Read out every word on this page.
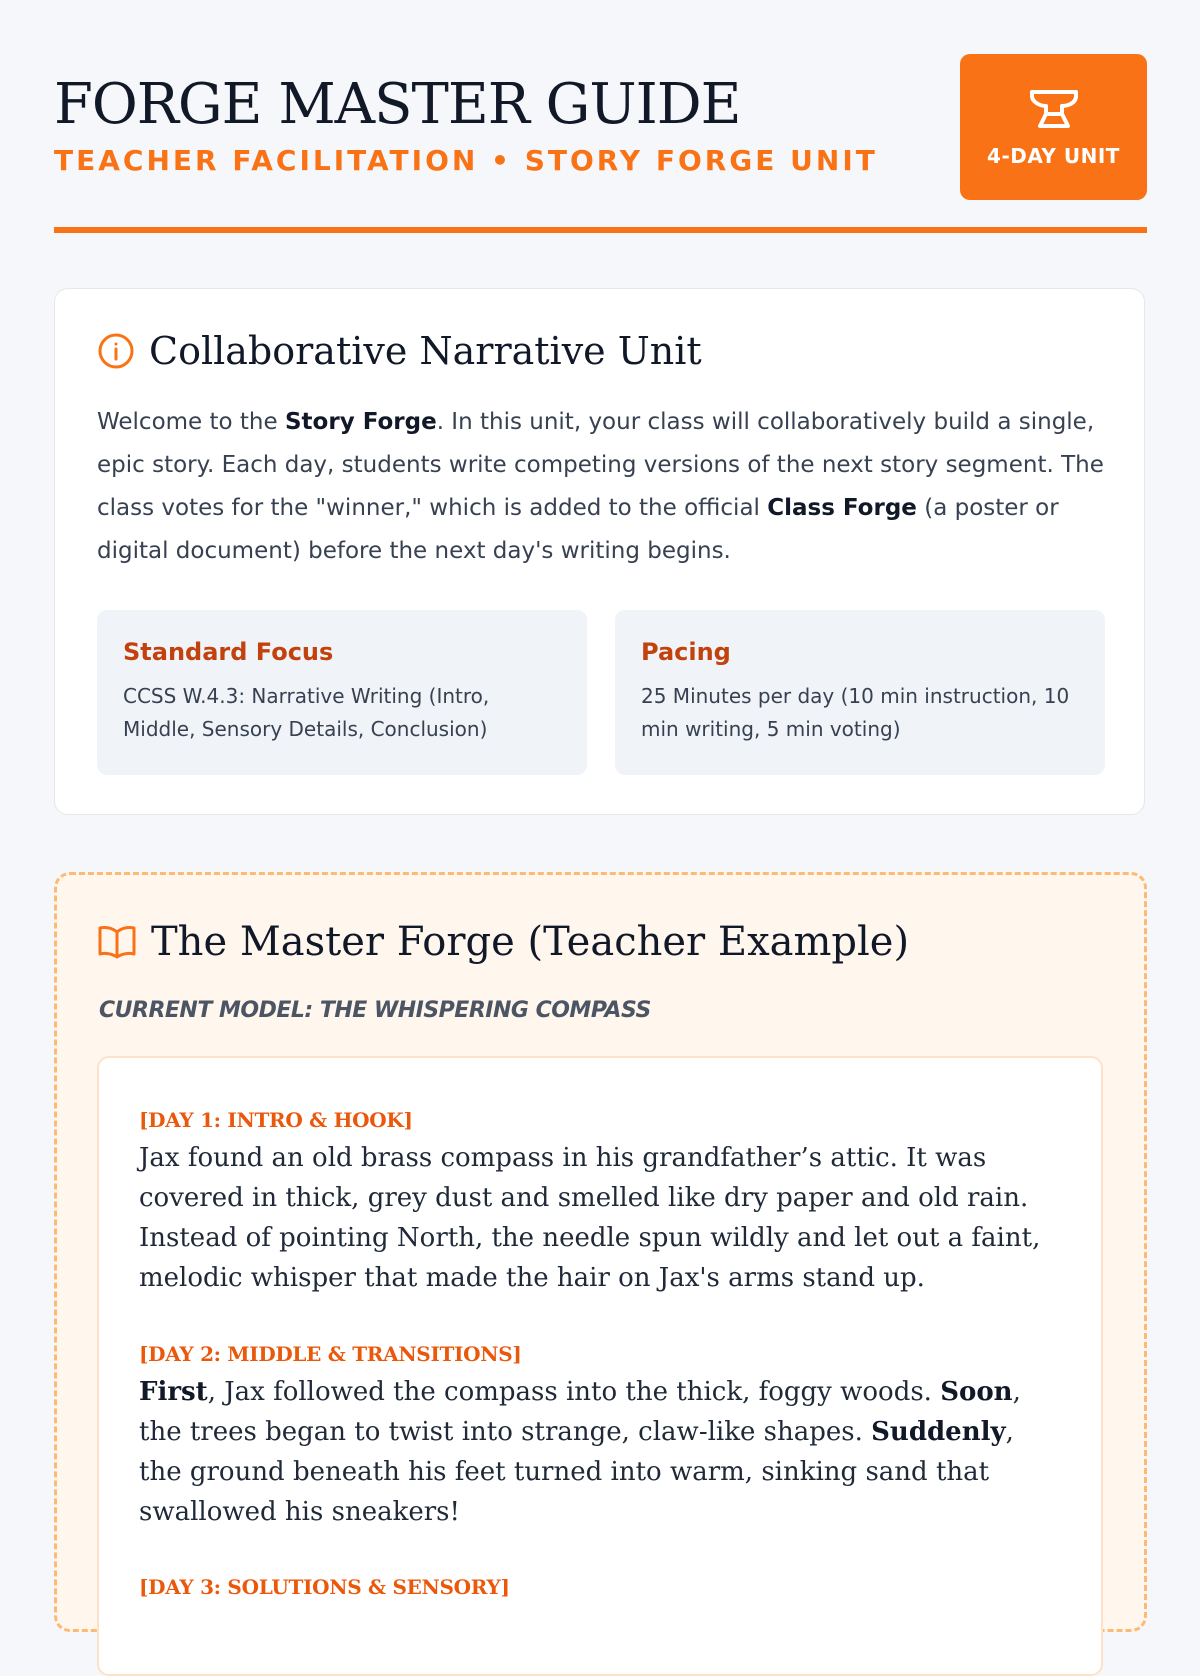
FORGE MASTER GUIDE

TEACHER FACILITATION • STORY FORGE UNIT	4-DAY UNIT
Collaborative Narrative Unit

Welcome to the Story Forge. In this unit, your class will collaboratively build a single, epic story. Each day, students write competing versions of the next story segment. The class votes for the "winner," which is added to the official Class Forge (a poster or digital document) before the next day's writing begins.

Standard Focus

CCSS W.4.3: Narrative Writing (Intro, Middle, Sensory Details, Conclusion)

Pacing

25 Minutes per day (10 min instruction, 10 min writing, 5 min voting)

The Master Forge (Teacher Example)

CURRENT MODEL: THE WHISPERING COMPASS

[DAY 1: INTRO & HOOK]

Jax found an old brass compass in his grandfather’s attic. It was covered in thick, grey dust and smelled like dry paper and old rain. Instead of pointing North, the needle spun wildly and let out a faint, melodic whisper that made the hair on Jax's arms stand up.

[DAY 2: MIDDLE & TRANSITIONS]

First, Jax followed the compass into the thick, foggy woods. Soon, the trees began to twist into strange, claw-like shapes. Suddenly, the ground beneath his feet turned into warm, sinking sand that swallowed his sneakers!

[DAY 3: SOLUTIONS & SENSORY]
